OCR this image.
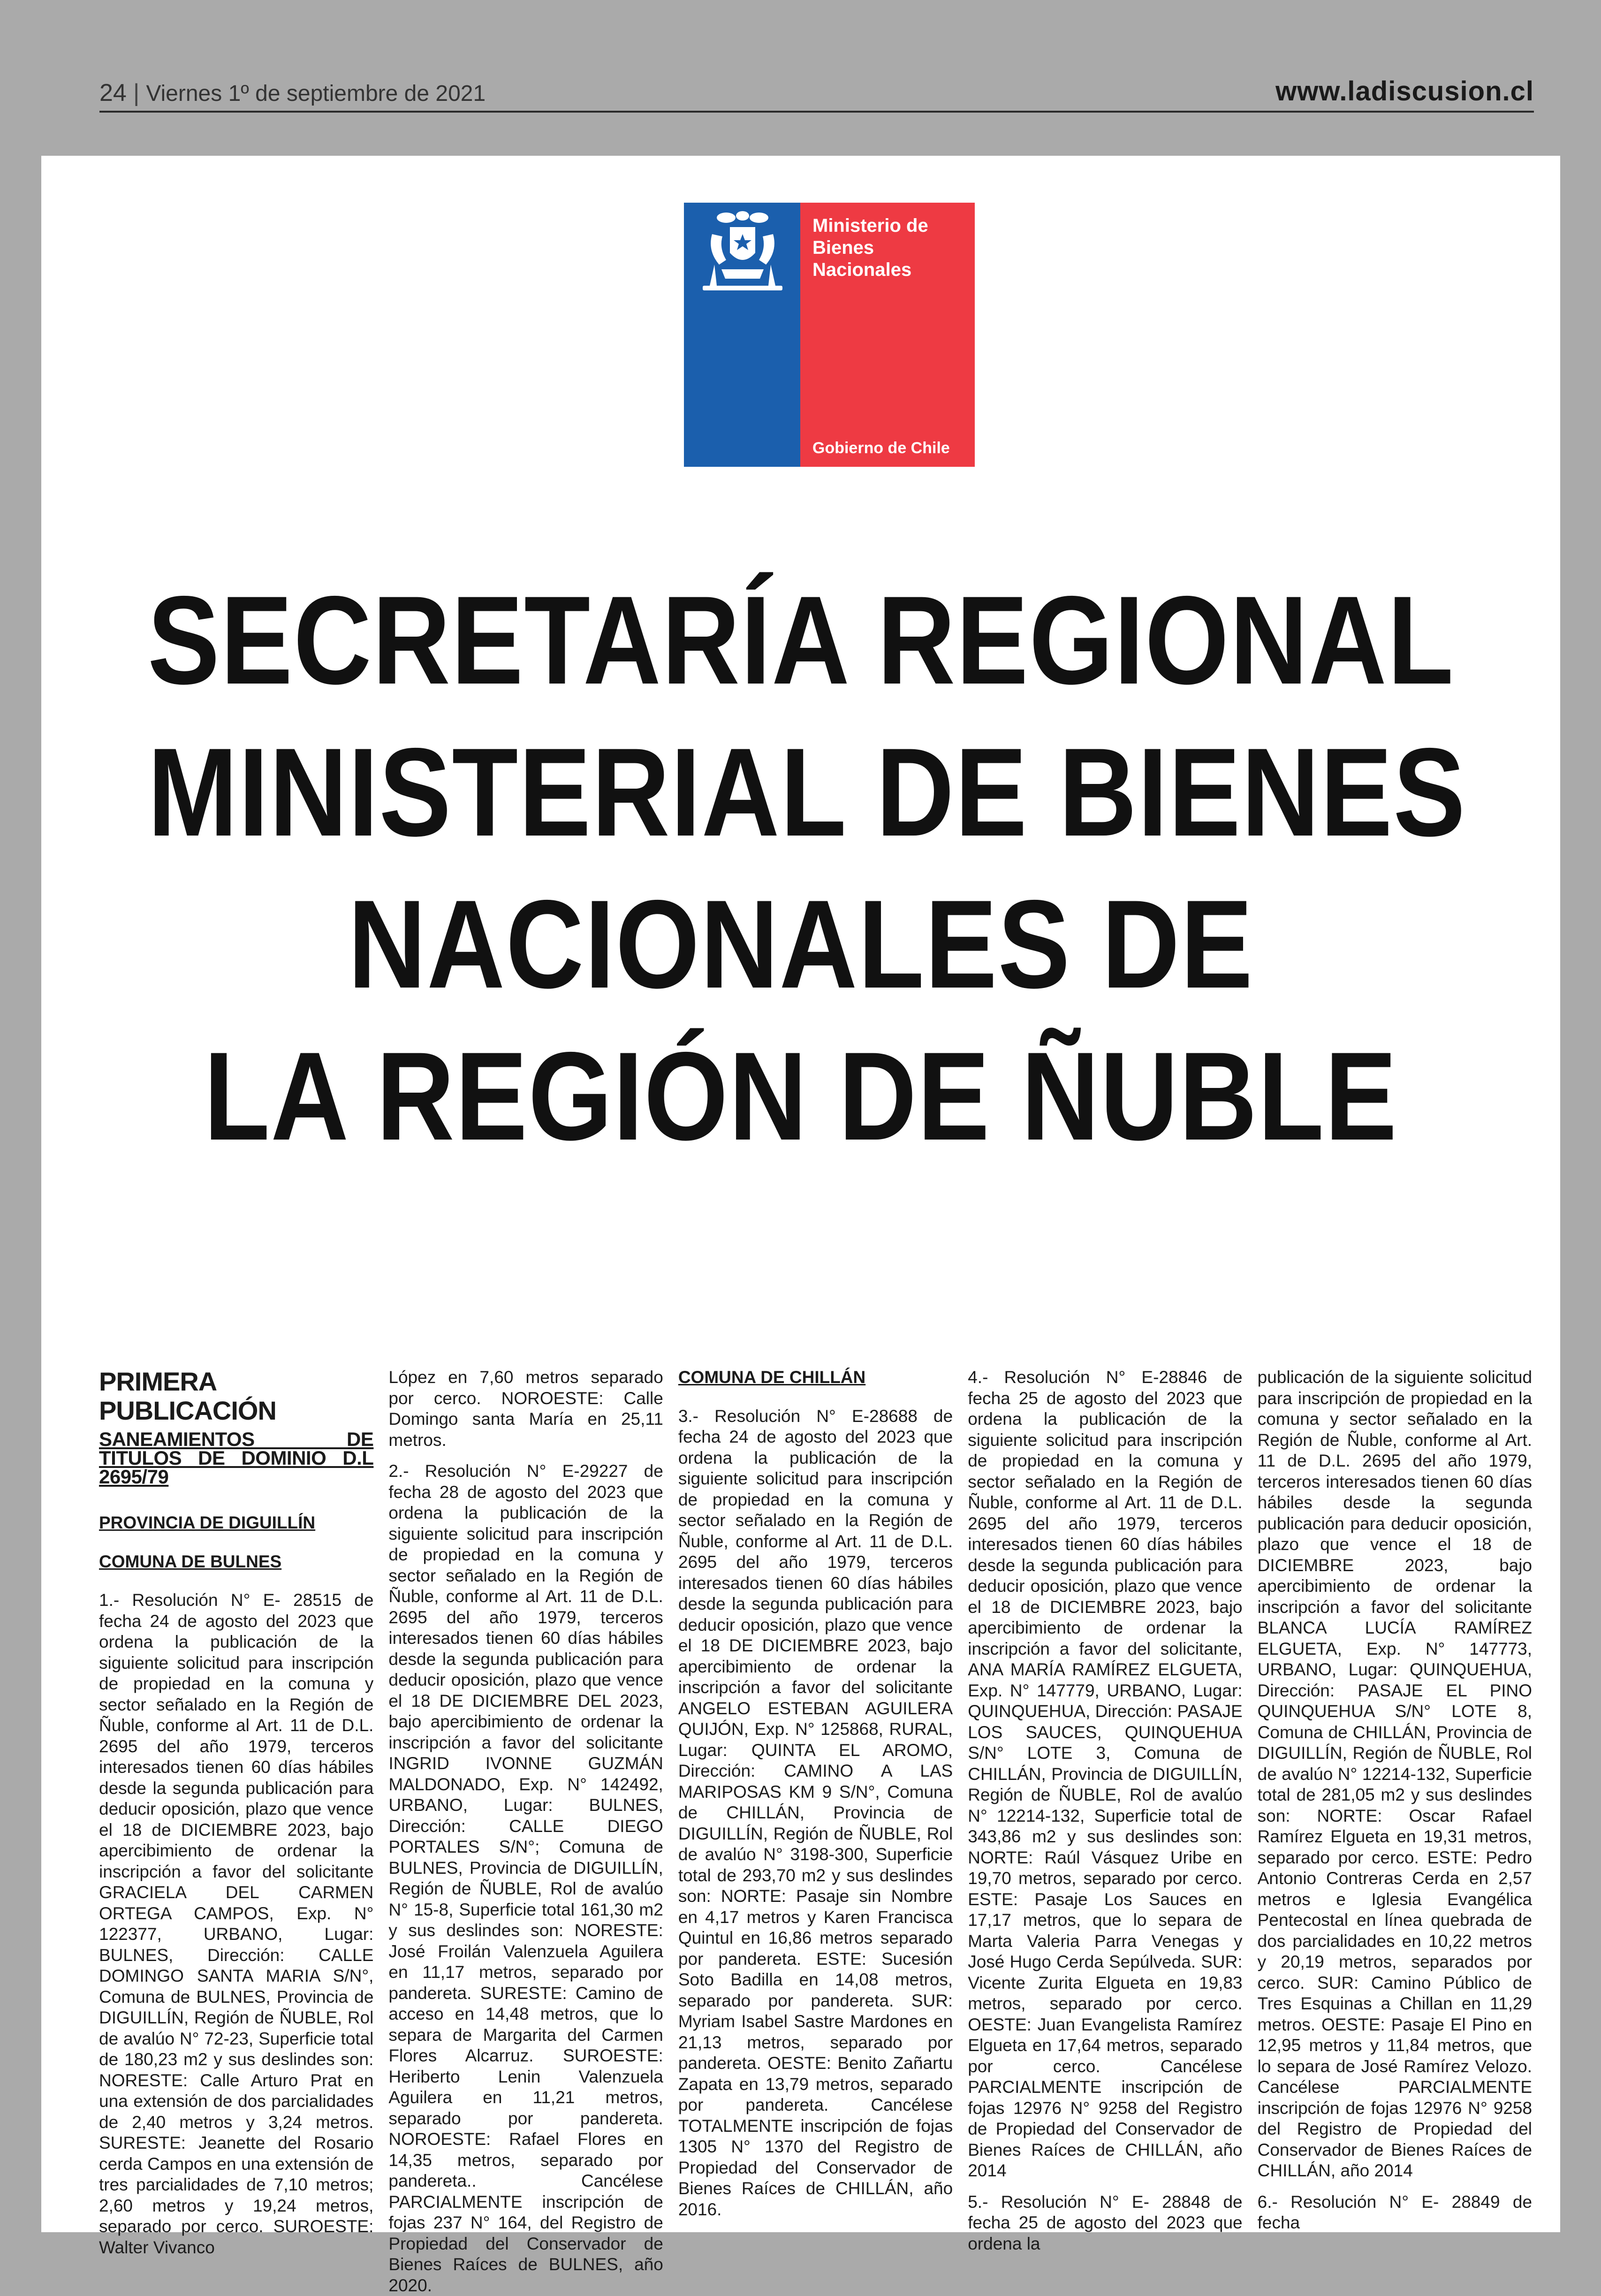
24 | Viernes 1º de septiembre de 2021	www.ladiscusion.cl
Ministerio de
Bienes
Nacionales
Gobierno de Chile
SECRETARÍA REGIONAL
MINISTERIAL DE BIENES
NACIONALES DE
LA REGIÓN DE ÑUBLE
PRIMERA PUBLICACIÓN
SANEAMIENTOS DE TITULOS DE DOMINIO D.L 2695/79
PROVINCIA DE DIGUILLÍN
COMUNA DE BULNES

1.- Resolución N° E- 28515 de fecha 24 de agosto del 2023 que ordena la publicación de la siguiente solicitud para inscripción de propiedad en la comuna y sector señalado en la Región de Ñuble, conforme al Art. 11 de D.L. 2695 del año 1979, terceros interesados tienen 60 días hábiles desde la segunda publicación para deducir oposición, plazo que vence el 18 de DICIEMBRE 2023, bajo apercibimiento de ordenar la inscripción a favor del solicitante GRACIELA DEL CARMEN ORTEGA CAMPOS, Exp. N° 122377, URBANO, Lugar: BULNES, Dirección: CALLE DOMINGO SANTA MARIA S/N°, Comuna de BULNES, Provincia de DIGUILLÍN, Región de ÑUBLE, Rol de avalúo N° 72-23, Superficie total de 180,23 m2 y sus deslindes son: NORESTE: Calle Arturo Prat en una extensión de dos parcialidades de 2,40 metros y 3,24 metros. SURESTE: Jeanette del Rosario cerda Campos en una extensión de tres parcialidades de 7,10 metros; 2,60 metros y 19,24 metros, separado por cerco. SUROESTE: Walter Vivanco

López en 7,60 metros separado por cerco. NOROESTE: Calle Domingo santa María en 25,11 metros.

2.- Resolución N° E-29227 de fecha 28 de agosto del 2023 que ordena la publicación de la siguiente solicitud para inscripción de propiedad en la comuna y sector señalado en la Región de Ñuble, conforme al Art. 11 de D.L. 2695 del año 1979, terceros interesados tienen 60 días hábiles desde la segunda publicación para deducir oposición, plazo que vence el 18 DE DICIEMBRE DEL 2023, bajo apercibimiento de ordenar la inscripción a favor del solicitante INGRID IVONNE GUZMÁN MALDONADO, Exp. N° 142492, URBANO, Lugar: BULNES, Dirección: CALLE DIEGO PORTALES S/N°; Comuna de BULNES, Provincia de DIGUILLÍN, Región de ÑUBLE, Rol de avalúo N° 15-8, Superficie total 161,30 m2 y sus deslindes son: NORESTE: José Froilán Valenzuela Aguilera en 11,17 metros, separado por pandereta. SURESTE: Camino de acceso en 14,48 metros, que lo separa de Margarita del Carmen Flores Alcarruz. SUROESTE: Heriberto Lenin Valenzuela Aguilera en 11,21 metros, separado por pandereta. NOROESTE: Rafael Flores en 14,35 metros, separado por pandereta.. Cancélese PARCIALMENTE inscripción de fojas 237 N° 164, del Registro de Propiedad del Conservador de Bienes Raíces de BULNES, año 2020.

COMUNA DE CHILLÁN

3.- Resolución N° E-28688 de fecha 24 de agosto del 2023 que ordena la publicación de la siguiente solicitud para inscripción de propiedad en la comuna y sector señalado en la Región de Ñuble, conforme al Art. 11 de D.L. 2695 del año 1979, terceros interesados tienen 60 días hábiles desde la segunda publicación para deducir oposición, plazo que vence el 18 DE DICIEMBRE 2023, bajo apercibimiento de ordenar la inscripción a favor del solicitante ANGELO ESTEBAN AGUILERA QUIJÓN, Exp. N° 125868, RURAL, Lugar: QUINTA EL AROMO, Dirección: CAMINO A LAS MARIPOSAS KM 9 S/N°, Comuna de CHILLÁN, Provincia de DIGUILLÍN, Región de ÑUBLE, Rol de avalúo N° 3198-300, Superficie total de 293,70 m2 y sus deslindes son: NORTE: Pasaje sin Nombre en 4,17 metros y Karen Francisca Quintul en 16,86 metros separado por pandereta. ESTE: Sucesión Soto Badilla en 14,08 metros, separado por pandereta. SUR: Myriam Isabel Sastre Mardones en 21,13 metros, separado por pandereta. OESTE: Benito Zañartu Zapata en 13,79 metros, separado por pandereta. Cancélese TOTALMENTE inscripción de fojas 1305 N° 1370 del Registro de Propiedad del Conservador de Bienes Raíces de CHILLÁN, año 2016.

4.- Resolución N° E-28846 de fecha 25 de agosto del 2023 que ordena la publicación de la siguiente solicitud para inscripción de propiedad en la comuna y sector señalado en la Región de Ñuble, conforme al Art. 11 de D.L. 2695 del año 1979, terceros interesados tienen 60 días hábiles desde la segunda publicación para deducir oposición, plazo que vence el 18 de DICIEMBRE 2023, bajo apercibimiento de ordenar la inscripción a favor del solicitante, ANA MARÍA RAMÍREZ ELGUETA, Exp. N° 147779, URBANO, Lugar: QUINQUEHUA, Dirección: PASAJE LOS SAUCES, QUINQUEHUA S/N° LOTE 3, Comuna de CHILLÁN, Provincia de DIGUILLÍN, Región de ÑUBLE, Rol de avalúo N° 12214-132, Superficie total de 343,86 m2 y sus deslindes son: NORTE: Raúl Vásquez Uribe en 19,70 metros, separado por cerco. ESTE: Pasaje Los Sauces en 17,17 metros, que lo separa de Marta Valeria Parra Venegas y José Hugo Cerda Sepúlveda. SUR: Vicente Zurita Elgueta en 19,83 metros, separado por cerco. OESTE: Juan Evangelista Ramírez Elgueta en 17,64 metros, separado por cerco. Cancélese PARCIALMENTE inscripción de fojas 12976 N° 9258 del Registro de Propiedad del Conservador de Bienes Raíces de CHILLÁN, año 2014

5.- Resolución N° E- 28848 de fecha 25 de agosto del 2023 que ordena la

publicación de la siguiente solicitud para inscripción de propiedad en la comuna y sector señalado en la Región de Ñuble, conforme al Art. 11 de D.L. 2695 del año 1979, terceros interesados tienen 60 días hábiles desde la segunda publicación para deducir oposición, plazo que vence el 18 de DICIEMBRE 2023, bajo apercibimiento de ordenar la inscripción a favor del solicitante BLANCA LUCÍA RAMÍREZ ELGUETA, Exp. N° 147773, URBANO, Lugar: QUINQUEHUA, Dirección: PASAJE EL PINO QUINQUEHUA S/N° LOTE 8, Comuna de CHILLÁN, Provincia de DIGUILLÍN, Región de ÑUBLE, Rol de avalúo N° 12214-132, Superficie total de 281,05 m2 y sus deslindes son: NORTE: Oscar Rafael Ramírez Elgueta en 19,31 metros, separado por cerco. ESTE: Pedro Antonio Contreras Cerda en 2,57 metros e Iglesia Evangélica Pentecostal en línea quebrada de dos parcialidades en 10,22 metros y 20,19 metros, separados por cerco. SUR: Camino Público de Tres Esquinas a Chillan en 11,29 metros. OESTE: Pasaje El Pino en 12,95 metros y 11,84 metros, que lo separa de José Ramírez Velozo. Cancélese PARCIALMENTE inscripción de fojas 12976 N° 9258 del Registro de Propiedad del Conservador de Bienes Raíces de CHILLÁN, año 2014

6.- Resolución N° E- 28849 de fecha
